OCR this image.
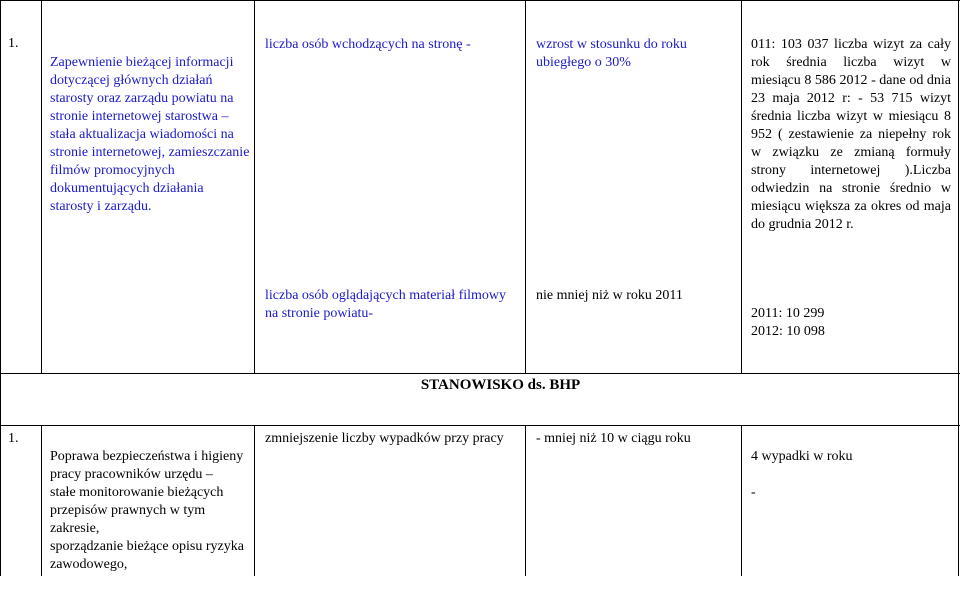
1.

Zapewnienie bieżącej informacji dotyczącej głównych działań starosty oraz zarządu powiatu na stronie internetowej starostwa –
stała aktualizacja wiadomości na stronie internetowej, zamieszczanie filmów promocyjnych dokumentujących działania starosty i zarządu.

liczba osób wchodzących na stronę -	wzrost w stosunku do roku ubiegłego o 30%
011: 103 037 liczba wizyt za cały rok średnia liczba wizyt w miesiącu 8 586 2012 - dane od dnia 23 maja 2012 r: - 53 715 wizyt średnia liczba wizyt w miesiącu 8 952 ( zestawienie za niepełny rok w związku ze zmianą formuły strony internetowej ).Liczba odwiedzin na stronie średnio w miesiącu większa za okres od maja do grudnia 2012 r.
liczba osób oglądających materiał filmowy na stronie powiatu-
nie mniej niż w roku 2011

2011: 10 299
2012: 10 098

STANOWISKO ds. BHP
1.

Poprawa bezpieczeństwa i higieny pracy pracowników urzędu –
stałe monitorowanie bieżących przepisów prawnych w tym zakresie,
sporządzanie bieżące opisu ryzyka zawodowego,

zmniejszenie liczby wypadków przy pracy	- mniej niż 10 w ciągu roku

4 wypadki w roku

-
